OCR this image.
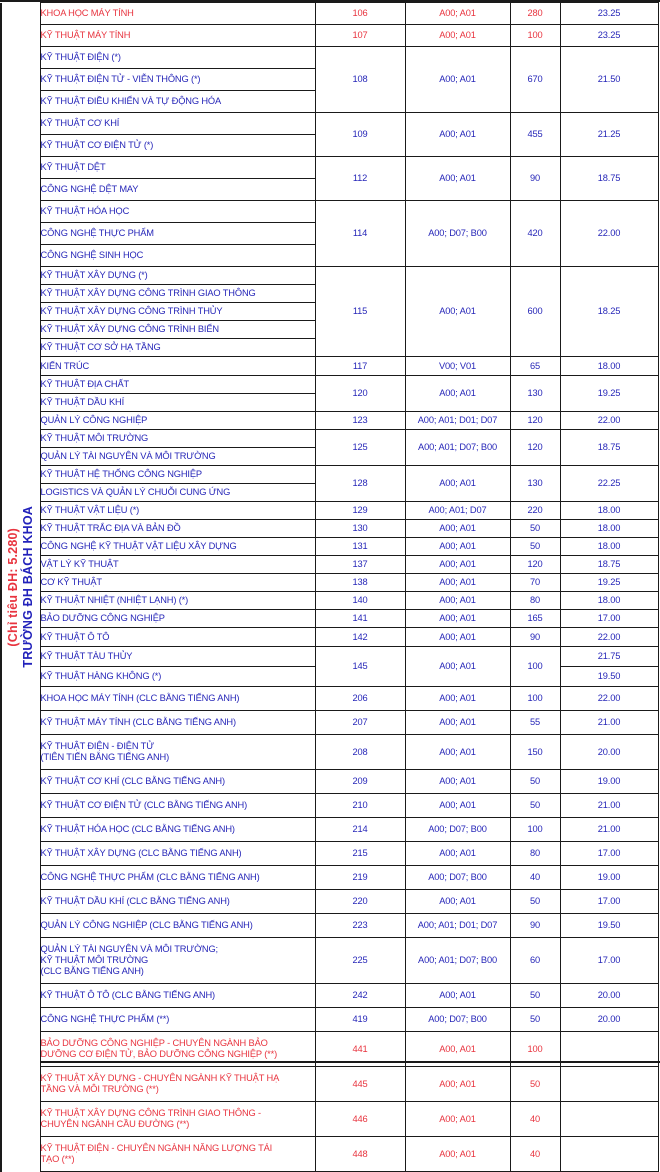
TRƯỜNG ĐH BÁCH KHOA
(Chỉ tiêu ĐH: 5.280)	KHOA HỌC MÁY TÍNH	106	A00; A01	280	23.25
	KỸ THUẬT MÁY TÍNH	107	A00; A01	100	23.25
	KỸ THUẬT ĐIỆN (*)	108	A00; A01	670	21.50
	KỸ THUẬT ĐIỆN TỬ - VIỄN THÔNG (*)				
	KỸ THUẬT ĐIỀU KHIỂN VÀ TỰ ĐỘNG HÓA				
	KỸ THUẬT CƠ KHÍ	109	A00; A01	455	21.25
	KỸ THUẬT CƠ ĐIỆN TỬ (*)				
	KỸ THUẬT DỆT	112	A00; A01	90	18.75
	CÔNG NGHỆ DỆT MAY				
	KỸ THUẬT HÓA HỌC	114	A00; D07; B00	420	22.00
	CÔNG NGHỆ THỰC PHẨM				
	CÔNG NGHỆ SINH HỌC				
	KỸ THUẬT XÂY DỰNG (*)	115	A00; A01	600	18.25
	KỸ THUẬT XÂY DỰNG CÔNG TRÌNH GIAO THÔNG				
	KỸ THUẬT XÂY DỰNG CÔNG TRÌNH THỦY				
	KỸ THUẬT XÂY DỰNG CÔNG TRÌNH BIỂN				
	KỸ THUẬT CƠ SỞ HẠ TẦNG				
	KIẾN TRÚC	117	V00; V01	65	18.00
	KỸ THUẬT ĐỊA CHẤT	120	A00; A01	130	19.25
	KỸ THUẬT DẦU KHÍ				
	QUẢN LÝ CÔNG NGHIỆP	123	A00; A01; D01; D07	120	22.00
	KỸ THUẬT MÔI TRƯỜNG	125	A00; A01; D07; B00	120	18.75
	QUẢN LÝ TÀI NGUYÊN VÀ MÔI TRƯỜNG				
	KỸ THUẬT HỆ THỐNG CÔNG NGHIỆP	128	A00; A01	130	22.25
	LOGISTICS VÀ QUẢN LÝ CHUỖI CUNG ỨNG				
	KỸ THUẬT VẬT LIỆU (*)	129	A00; A01; D07	220	18.00
	KỸ THUẬT TRẮC ĐỊA VÀ BẢN ĐỒ	130	A00; A01	50	18.00
	CÔNG NGHỆ KỸ THUẬT VẬT LIỆU XÂY DỰNG	131	A00; A01	50	18.00
	VẬT LÝ KỸ THUẬT	137	A00; A01	120	18.75
	CƠ KỸ THUẬT	138	A00; A01	70	19.25
	KỸ THUẬT NHIỆT (NHIỆT LẠNH) (*)	140	A00; A01	80	18.00
	BẢO DƯỠNG CÔNG NGHIỆP	141	A00; A01	165	17.00
	KỸ THUẬT Ô TÔ	142	A00; A01	90	22.00
	KỸ THUẬT TÀU THỦY	145	A00; A01	100	21.75
	KỸ THUẬT HÀNG KHÔNG (*)				19.50
	KHOA HỌC MÁY TÍNH (CLC BẰNG TIẾNG ANH)	206	A00; A01	100	22.00
	KỸ THUẬT MÁY TÍNH (CLC BẰNG TIẾNG ANH)	207	A00; A01	55	21.00
	KỸ THUẬT ĐIỆN - ĐIỆN TỬ
(TIÊN TIẾN BẰNG TIẾNG ANH)	208	A00; A01	150	20.00
	KỸ THUẬT CƠ KHÍ (CLC BẰNG TIẾNG ANH)	209	A00; A01	50	19.00
	KỸ THUẬT CƠ ĐIỆN TỬ (CLC BẰNG TIẾNG ANH)	210	A00; A01	50	21.00
	KỸ THUẬT HÓA HỌC (CLC BẰNG TIẾNG ANH)	214	A00; D07; B00	100	21.00
	KỸ THUẬT XÂY DỰNG (CLC BẰNG TIẾNG ANH)	215	A00; A01	80	17.00
	CÔNG NGHỆ THỰC PHẨM (CLC BẰNG TIẾNG ANH)	219	A00; D07; B00	40	19.00
	KỸ THUẬT DẦU KHÍ (CLC BẰNG TIẾNG ANH)	220	A00; A01	50	17.00
	QUẢN LÝ CÔNG NGHIỆP (CLC BẰNG TIẾNG ANH)	223	A00; A01; D01; D07	90	19.50
	QUẢN LÝ TÀI NGUYÊN VÀ MÔI TRƯỜNG;
KỸ THUẬT MÔI TRƯỜNG
(CLC BẰNG TIẾNG ANH)	225	A00; A01; D07; B00	60	17.00
	KỸ THUẬT Ô TÔ (CLC BẰNG TIẾNG ANH)	242	A00; A01	50	20.00
	CÔNG NGHỆ THỰC PHẨM (**)	419	A00; D07; B00	50	20.00
	BẢO DƯỠNG CÔNG NGHIỆP - CHUYÊN NGÀNH BẢO
DƯỠNG CƠ ĐIỆN TỬ, BẢO DƯỠNG CÔNG NGHIỆP (**)	441	A00, A01	100	
	KỸ THUẬT XÂY DỰNG - CHUYÊN NGÀNH KỸ THUẬT HẠ
TẦNG VÀ MÔI TRƯỜNG (**)	445	A00; A01	50	
	KỸ THUẬT XÂY DỰNG CÔNG TRÌNH GIAO THÔNG -
CHUYÊN NGÀNH CẦU ĐƯỜNG (**)	446	A00; A01	40	
	KỸ THUẬT ĐIỆN - CHUYÊN NGÀNH NĂNG LƯỢNG TÁI
TẠO (**)	448	A00; A01	40	
